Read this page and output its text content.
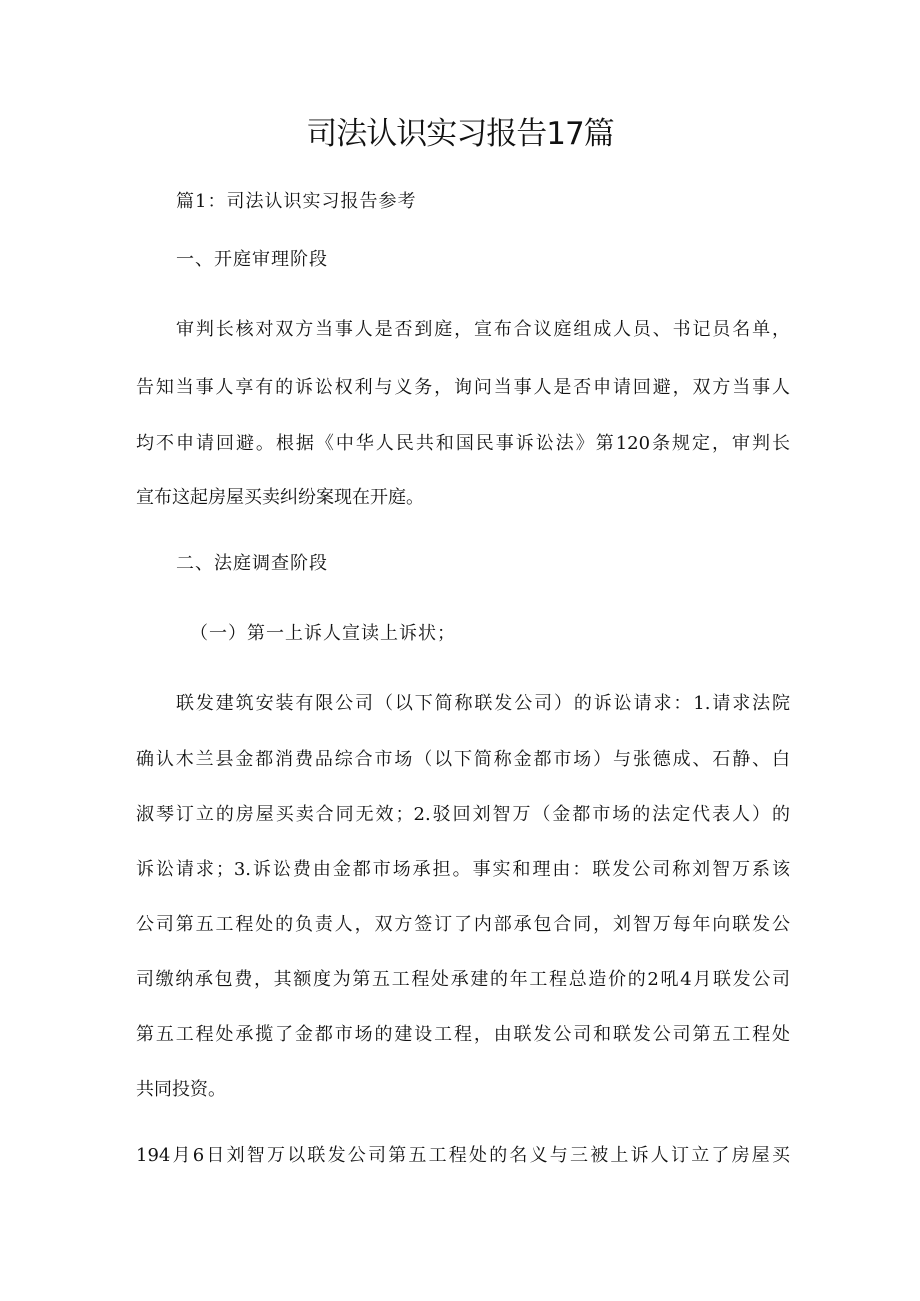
司法认识实习报告17篇

篇1：司法认识实习报告参考

一、开庭审理阶段

审判长核对双方当事人是否到庭，宣布合议庭组成人员、书记员名单，

告知当事人享有的诉讼权利与义务，询问当事人是否申请回避，双方当事人

均不申请回避。根据《中华人民共和国民事诉讼法》第120条规定，审判长

宣布这起房屋买卖纠纷案现在开庭。

二、法庭调查阶段

（一）第一上诉人宣读上诉状；

联发建筑安装有限公司（以下简称联发公司）的诉讼请求：1.请求法院

确认木兰县金都消费品综合市场（以下简称金都市场）与张德成、石静、白

淑琴订立的房屋买卖合同无效；2.驳回刘智万（金都市场的法定代表人）的

诉讼请求；3.诉讼费由金都市场承担。事实和理由：联发公司称刘智万系该

公司第五工程处的负责人，双方签订了内部承包合同，刘智万每年向联发公

司缴纳承包费，其额度为第五工程处承建的年工程总造价的2吼4月联发公司

第五工程处承揽了金都市场的建设工程，由联发公司和联发公司第五工程处

共同投资。

194月6日刘智万以联发公司第五工程处的名义与三被上诉人订立了房屋买
